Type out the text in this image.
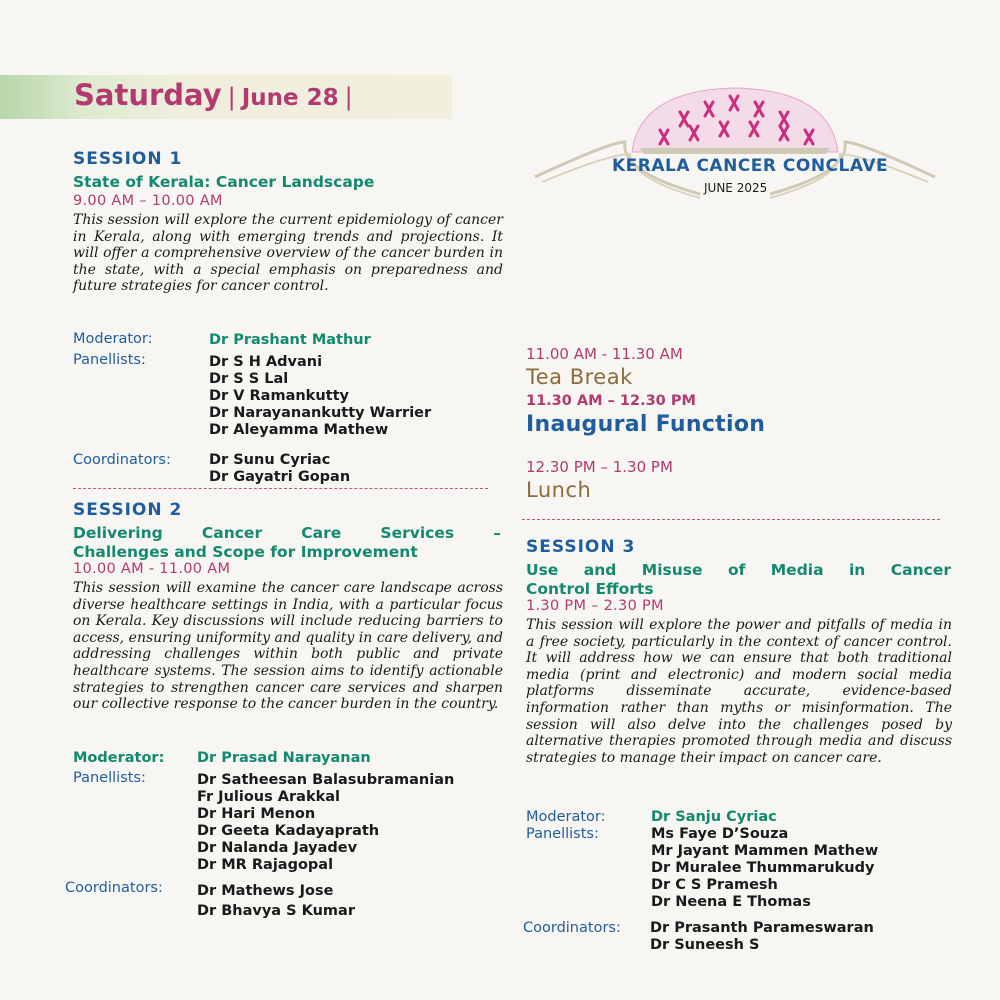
Saturday | June 28 |
KERALA CANCER CONCLAVE
JUNE 2025
SESSION 1
State of Kerala: Cancer Landscape
9.00 AM – 10.00 AM
This session will explore the current epidemiology of cancer in Kerala, along with emerging trends and projections. It will offer a comprehensive overview of the cancer burden in the state, with a special emphasis on preparedness and future strategies for cancer control.
Moderator:	Dr Prashant Mathur
Panellists:	Dr S H Advani
Dr S S Lal
Dr V Ramankutty
Dr Narayanankutty Warrier
Dr Aleyamma Mathew
Coordinators:	Dr Sunu Cyriac
Dr Gayatri Gopan
SESSION 2
Delivering Cancer Care Services –
Challenges and Scope for Improvement
10.00 AM - 11.00 AM
This session will examine the cancer care landscape across diverse healthcare settings in India, with a particular focus on Kerala. Key discussions will include reducing barriers to access, ensuring uniformity and quality in care delivery, and addressing challenges within both public and private healthcare systems. The session aims to identify actionable strategies to strengthen cancer care services and sharpen our collective response to the cancer burden in the country.
Moderator: Dr Prasad Narayanan
Panellists:	Dr Satheesan Balasubramanian
Fr Julious Arakkal
Dr Hari Menon
Dr Geeta Kadayaprath
Dr Nalanda Jayadev
Dr MR Rajagopal
Coordinators: Dr Mathews Jose
Dr Bhavya S Kumar
11.00 AM - 11.30 AM
Tea Break
11.30 AM – 12.30 PM
Inaugural Function
12.30 PM – 1.30 PM
Lunch
SESSION 3
Use and Misuse of Media in Cancer
Control Efforts
1.30 PM – 2.30 PM
This session will explore the power and pitfalls of media in a free society, particularly in the context of cancer control. It will address how we can ensure that both traditional media (print and electronic) and modern social media platforms disseminate accurate, evidence-based information rather than myths or misinformation. The session will also delve into the challenges posed by alternative therapies promoted through media and discuss strategies to manage their impact on cancer care.
Moderator:	Dr Sanju Cyriac
Panellists:	Ms Faye D’Souza
Mr Jayant Mammen Mathew
Dr Muralee Thummarukudy
Dr C S Pramesh
Dr Neena E Thomas
Coordinators: Dr Prasanth Parameswaran
Dr Suneesh S
